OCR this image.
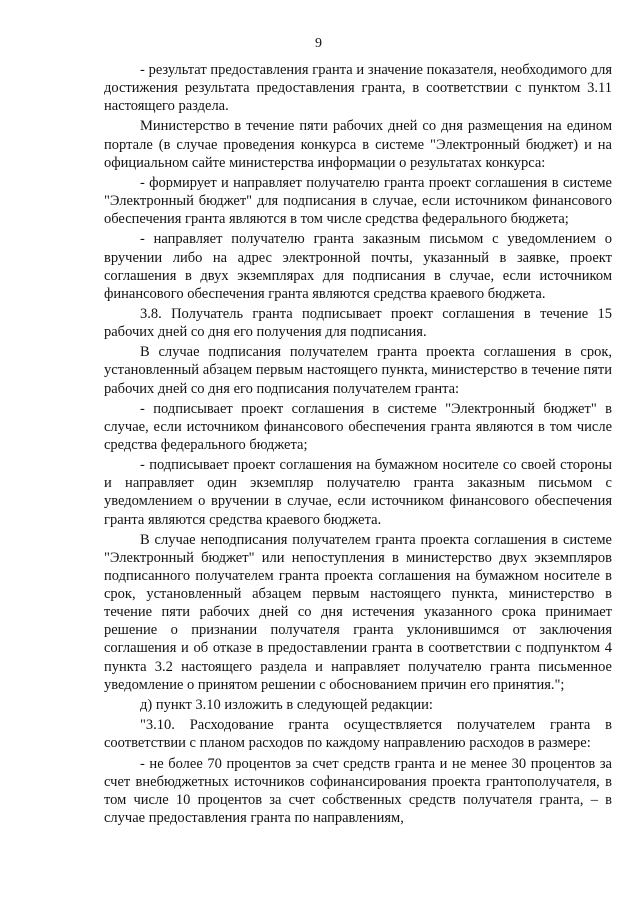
9

- результат предоставления гранта и значение показателя, необходимого для достижения результата предоставления гранта, в соответствии с пунктом 3.11 настоящего раздела.

Министерство в течение пяти рабочих дней со дня размещения на едином портале (в случае проведения конкурса в системе "Электронный бюджет) и на официальном сайте министерства информации о результатах конкурса:

- формирует и направляет получателю гранта проект соглашения в системе "Электронный бюджет" для подписания в случае, если источником финансового обеспечения гранта являются в том числе средства федерального бюджета;

- направляет получателю гранта заказным письмом с уведомлением о вручении либо на адрес электронной почты, указанный в заявке, проект соглашения в двух экземплярах для подписания в случае, если источником финансового обеспечения гранта являются средства краевого бюджета.

3.8. Получатель гранта подписывает проект соглашения в течение 15 рабочих дней со дня его получения для подписания.

В случае подписания получателем гранта проекта соглашения в срок, установленный абзацем первым настоящего пункта, министерство в течение пяти рабочих дней со дня его подписания получателем гранта:

- подписывает проект соглашения в системе "Электронный бюджет" в случае, если источником финансового обеспечения гранта являются в том числе средства федерального бюджета;

- подписывает проект соглашения на бумажном носителе со своей стороны и направляет один экземпляр получателю гранта заказным письмом с уведомлением о вручении в случае, если источником финансового обеспечения гранта являются средства краевого бюджета.

В случае неподписания получателем гранта проекта соглашения в системе "Электронный бюджет" или непоступления в министерство двух экземпляров подписанного получателем гранта проекта соглашения на бумажном носителе в срок, установленный абзацем первым настоящего пункта, министерство в течение пяти рабочих дней со дня истечения указанного срока принимает решение о признании получателя гранта уклонившимся от заключения соглашения и об отказе в предоставлении гранта в соответствии с подпунктом 4 пункта 3.2 настоящего раздела и направляет получателю гранта письменное уведомление о принятом решении с обоснованием причин его принятия.";

д) пункт 3.10 изложить в следующей редакции:

"3.10. Расходование гранта осуществляется получателем гранта в соответствии с планом расходов по каждому направлению расходов в размере:

- не более 70 процентов за счет средств гранта и не менее 30 процентов за счет внебюджетных источников софинансирования проекта грантополучателя, в том числе 10 процентов за счет собственных средств получателя гранта, – в случае предоставления гранта по направлениям,
